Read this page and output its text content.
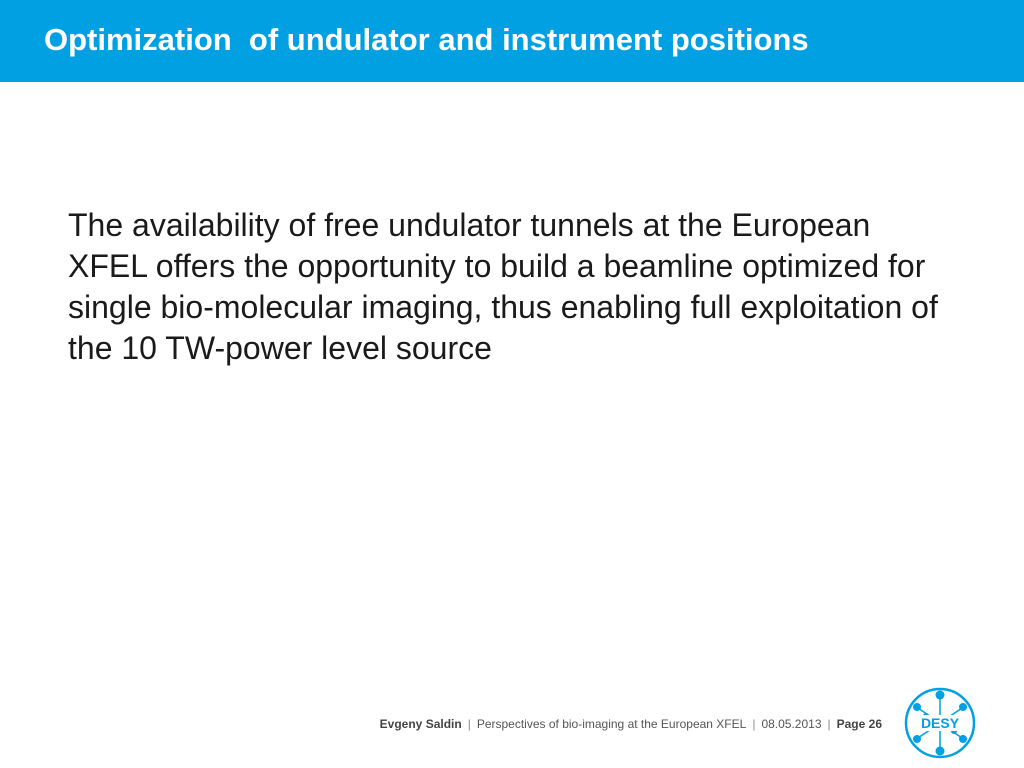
Optimization  of undulator and instrument positions
The availability of free undulator tunnels at the European XFEL offers the opportunity to build a beamline optimized for single bio-molecular imaging, thus enabling full exploitation of the 10 TW-power level source
Evgeny Saldin | Perspectives of bio-imaging at the European XFEL | 08.05.2013 | Page 26	DESY
